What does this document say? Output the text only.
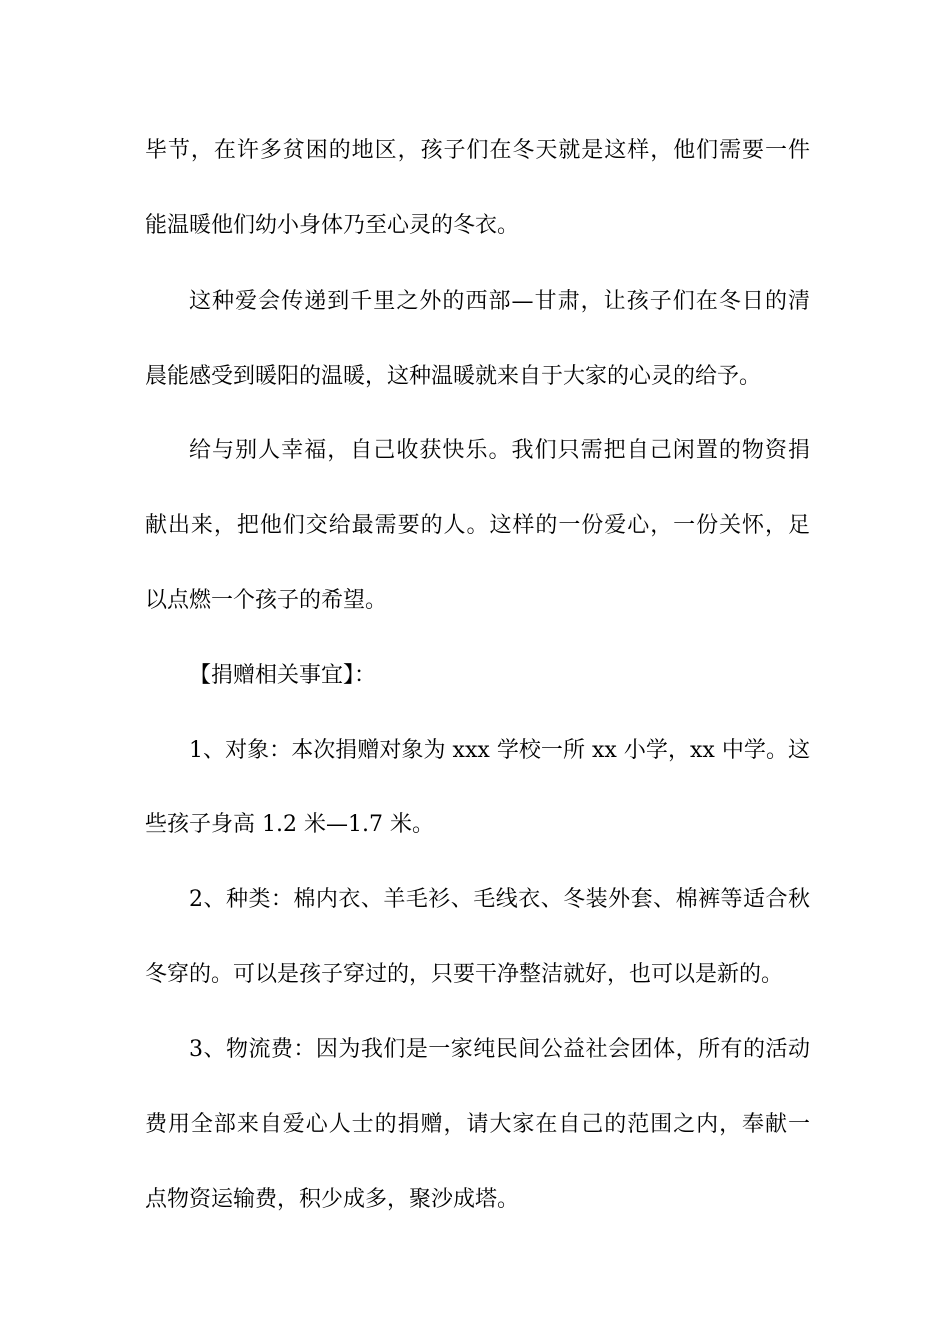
毕节，在许多贫困的地区，孩子们在冬天就是这样，他们需要一件
能温暖他们幼小身体乃至心灵的冬衣。
这种爱会传递到千里之外的西部—甘肃，让孩子们在冬日的清
晨能感受到暖阳的温暖，这种温暖就来自于大家的心灵的给予。
给与别人幸福，自己收获快乐。我们只需把自己闲置的物资捐
献出来，把他们交给最需要的人。这样的一份爱心，一份关怀，足
以点燃一个孩子的希望。
【捐赠相关事宜】：
1、对象：本次捐赠对象为 xxx 学校一所 xx 小学，xx 中学。这
些孩子身高 1.2 米—1.7 米。
2、种类：棉内衣、羊毛衫、毛线衣、冬装外套、棉裤等适合秋
冬穿的。可以是孩子穿过的，只要干净整洁就好，也可以是新的。
3、物流费：因为我们是一家纯民间公益社会团体，所有的活动
费用全部来自爱心人士的捐赠，请大家在自己的范围之内，奉献一
点物资运输费，积少成多，聚沙成塔。
